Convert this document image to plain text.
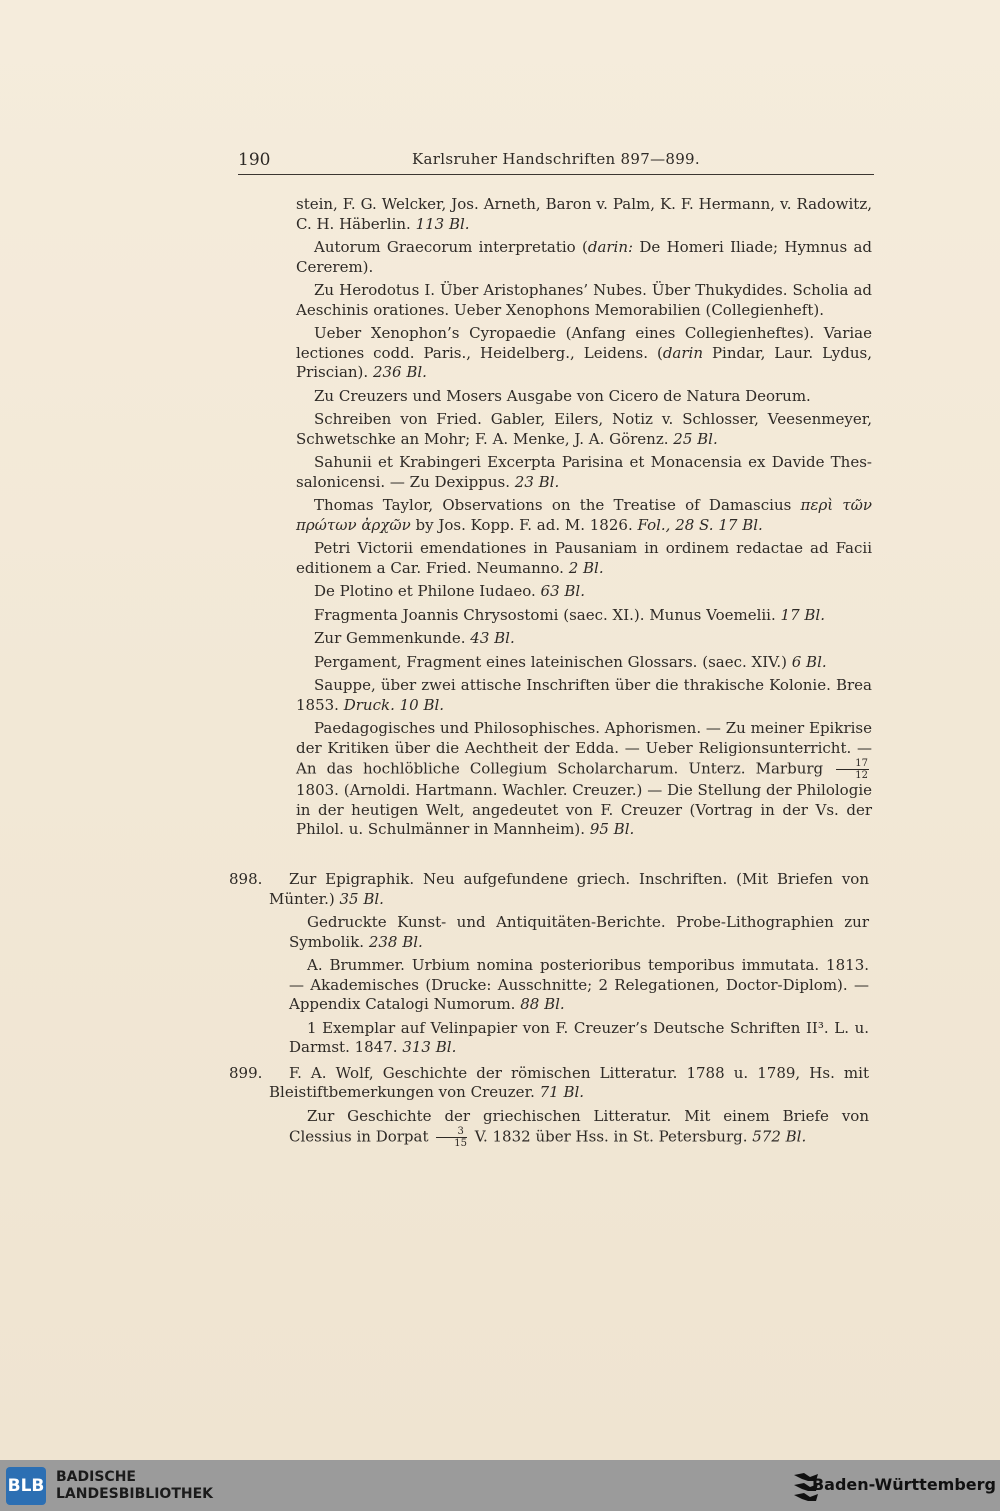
190	Karlsruher Handschriften 897—899.
stein, F. G. Welcker, Jos. Arneth, Baron v. Palm, K. F. Hermann, v. Radowitz, C. H. Häberlin. 113 Bl.
Autorum Graecorum interpretatio (darin: De Homeri Iliade; Hymnus ad Cererem).
Zu Herodotus I. Über Aristophanes’ Nubes. Über Thukydides. Scholia ad Aeschinis orationes. Ueber Xenophons Memorabilien (Collegienheft).
Ueber Xenophon’s Cyropaedie (Anfang eines Collegienheftes). Variae lectiones codd. Paris., Heidelberg., Leidens. (darin Pindar, Laur. Lydus, Priscian). 236 Bl.
Zu Creuzers und Mosers Ausgabe von Cicero de Natura Deorum.
Schreiben von Fried. Gabler, Eilers, Notiz v. Schlosser, Veesenmeyer, Schwetschke an Mohr; F. A. Menke, J. A. Görenz. 25 Bl.
Sahunii et Krabingeri Excerpta Parisina et Monacensia ex Davide Thessalonicensi. — Zu Dexippus. 23 Bl.
Thomas Taylor, Observations on the Treatise of Damascius περὶ τῶν πρώτων ἀρχῶν by Jos. Kopp. F. ad. M. 1826. Fol., 28 S. 17 Bl.
Petri Victorii emendationes in Pausaniam in ordinem redactae ad Facii editionem a Car. Fried. Neumanno. 2 Bl.
De Plotino et Philone Iudaeo. 63 Bl.
Fragmenta Joannis Chrysostomi (saec. XI.). Munus Voemelii. 17 Bl.
Zur Gemmenkunde. 43 Bl.
Pergament, Fragment eines lateinischen Glossars. (saec. XIV.) 6 Bl.
Sauppe, über zwei attische Inschriften über die thrakische Kolonie. Brea 1853. Druck. 10 Bl.
Paedagogisches und Philosophisches. Aphorismen. — Zu meiner Epikrise der Kritiken über die Aechtheit der Edda. — Ueber Religionsunterricht. — An das hochlöbliche Collegium Scholarcharum. Unterz. Marburg $\frac{17}{12}$
1803. (Arnoldi. Hartmann. Wachler. Creuzer.) — Die Stellung der Philologie in der heutigen Welt, angedeutet von F. Creuzer (Vortrag in der Vs. der Philol. u. Schulmänner in Mannheim). 95 Bl.
898. Zur Epigraphik. Neu aufgefundene griech. Inschriften. (Mit Briefen von Münter.) 35 Bl.
Gedruckte Kunst- und Antiquitäten-Berichte. Probe-Lithographien zur Symbolik. 238 Bl.
A. Brummer. Urbium nomina posterioribus temporibus immutata. 1813. — Akademisches (Drucke: Ausschnitte; 2 Relegationen, Doctor-Diplom). — Appendix Catalogi Numorum. 88 Bl.
1 Exemplar auf Velinpapier von F. Creuzer’s Deutsche Schriften II³. L. u. Darmst. 1847. 313 Bl.
899. F. A. Wolf, Geschichte der römischen Litteratur. 1788 u. 1789, Hs. mit Bleistiftbemerkungen von Creuzer. 71 Bl.
Zur Geschichte der griechischen Litteratur. Mit einem Briefe von Clessius in Dorpat $\frac{3}{15} V$. 1832 über Hss. in St. Petersburg. 572 Bl.
BLB BADISCHE
LANDESBIBLIOTHEK	Baden-Württemberg
